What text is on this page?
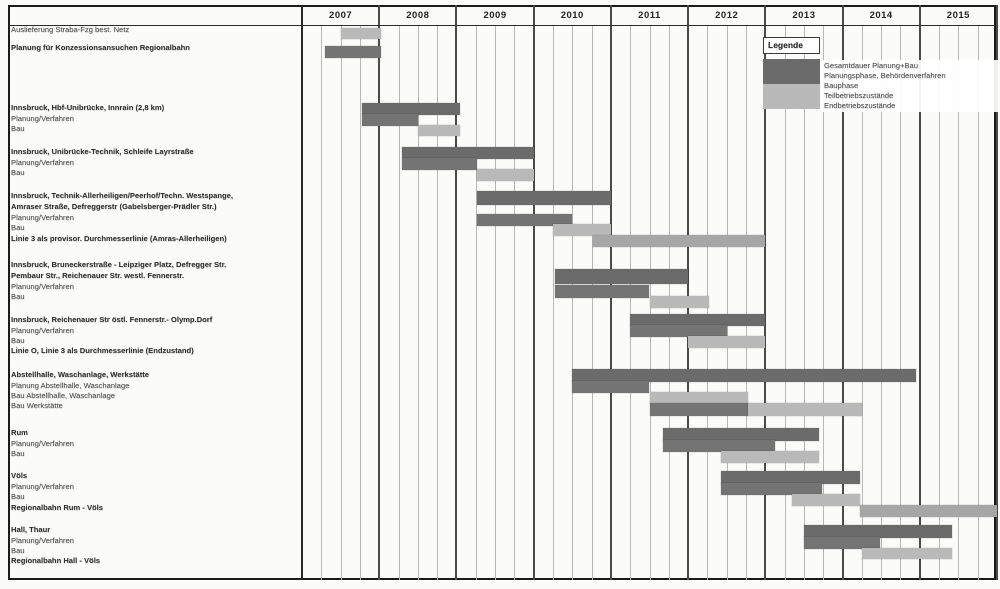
2007	2008	2009	2010	2011	2012	2013	2014	2015
Auslieferung Straba-Fzg best. Netz
Planung für Konzessionsansuchen Regionalbahn
Innsbruck, Hbf-Unibrücke, Innrain (2,8 km)
Planung/Verfahren
Bau
Innsbruck, Unibrücke-Technik, Schleife Layrstraße
Planung/Verfahren
Bau
Innsbruck, Technik-Allerheiligen/Peerhof/Techn. Westspange,
Amraser Straße, Defreggerstr (Gabelsberger-Prädler Str.)
Planung/Verfahren
Bau
Linie 3 als provisor. Durchmesserlinie (Amras-Allerheiligen)
Innsbruck, Bruneckerstraße - Leipziger Platz, Defregger Str.
Pembaur Str., Reichenauer Str. westl. Fennerstr.
Planung/Verfahren
Bau
Innsbruck, Reichenauer Str östl. Fennerstr.- Olymp.Dorf
Planung/Verfahren
Bau
Linie O, Linie 3 als Durchmesserlinie (Endzustand)
Abstellhalle, Waschanlage, Werkstätte
Planung Abstellhalle, Waschanlage
Bau Abstellhalle, Waschanlage
Bau Werkstätte
Rum
Planung/Verfahren
Bau
Völs
Planung/Verfahren
Bau
Regionalbahn Rum - Völs
Hall, Thaur
Planung/Verfahren
Bau
Regionalbahn Hall - Völs
Legende
Gesamtdauer Planung+Bau
Planungsphase, Behördenverfahren
Bauphase
Teilbetriebszustände
Endbetriebszustände
